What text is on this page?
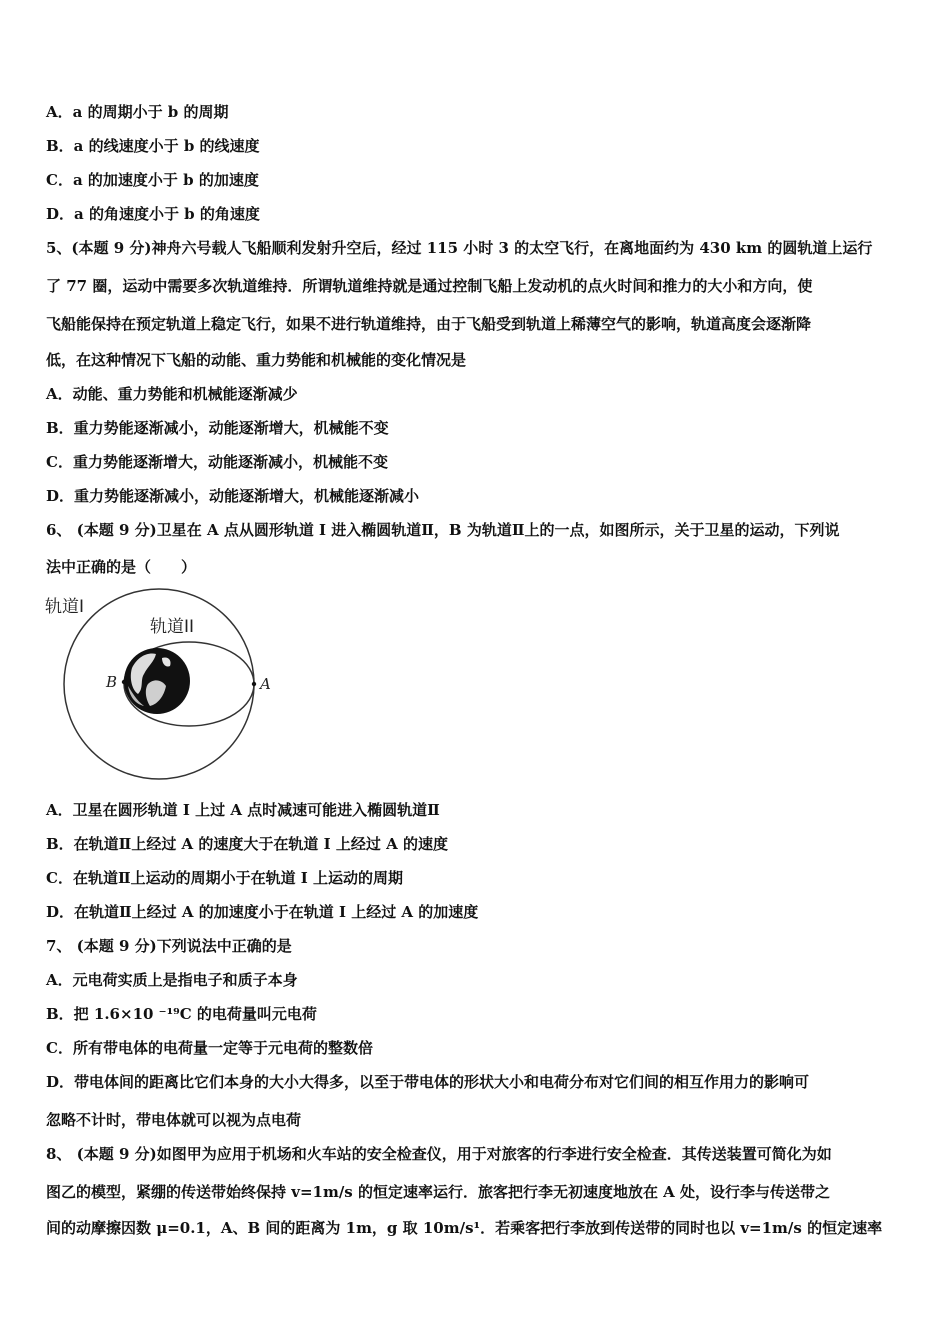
A．a 的周期小于 b 的周期
B．a 的线速度小于 b 的线速度
C．a 的加速度小于 b 的加速度
D．a 的角速度小于 b 的角速度
5、(本题 9 分)神舟六号载人飞船顺利发射升空后，经过 115 小时 3 的太空飞行，在离地面约为 430 km 的圆轨道上运行
了 77 圈，运动中需要多次轨道维持．所谓轨道维持就是通过控制飞船上发动机的点火时间和推力的大小和方向，使
飞船能保持在预定轨道上稳定飞行，如果不进行轨道维持，由于飞船受到轨道上稀薄空气的影响，轨道高度会逐渐降
低，在这种情况下飞船的动能、重力势能和机械能的变化情况是
A．动能、重力势能和机械能逐渐减少
B．重力势能逐渐减小，动能逐渐增大，机械能不变
C．重力势能逐渐增大，动能逐渐减小，机械能不变
D．重力势能逐渐减小，动能逐渐增大，机械能逐渐减小
6、 (本题 9 分)卫星在 A 点从圆形轨道 I 进入椭圆轨道Ⅱ，B 为轨道Ⅱ上的一点，如图所示，关于卫星的运动，下列说
法中正确的是（　　）
轨道I
轨道II
B	A
A．卫星在圆形轨道 I 上过 A 点时减速可能进入椭圆轨道Ⅱ
B．在轨道Ⅱ上经过 A 的速度大于在轨道 I 上经过 A 的速度
C．在轨道Ⅱ上运动的周期小于在轨道 I 上运动的周期
D．在轨道Ⅱ上经过 A 的加速度小于在轨道 I 上经过 A 的加速度
7、 (本题 9 分)下列说法中正确的是
A．元电荷实质上是指电子和质子本身
B．把 1.6×10 ⁻¹⁹C 的电荷量叫元电荷
C．所有带电体的电荷量一定等于元电荷的整数倍
D．带电体间的距离比它们本身的大小大得多，以至于带电体的形状大小和电荷分布对它们间的相互作用力的影响可
忽略不计时，带电体就可以视为点电荷
8、 (本题 9 分)如图甲为应用于机场和火车站的安全检查仪，用于对旅客的行李进行安全检查．其传送装置可简化为如
图乙的模型，紧绷的传送带始终保持 v=1m/s 的恒定速率运行．旅客把行李无初速度地放在 A 处，设行李与传送带之
间的动摩擦因数 μ=0.1，A、B 间的距离为 1m，g 取 10m/s¹．若乘客把行李放到传送带的同时也以 v=1m/s 的恒定速率
